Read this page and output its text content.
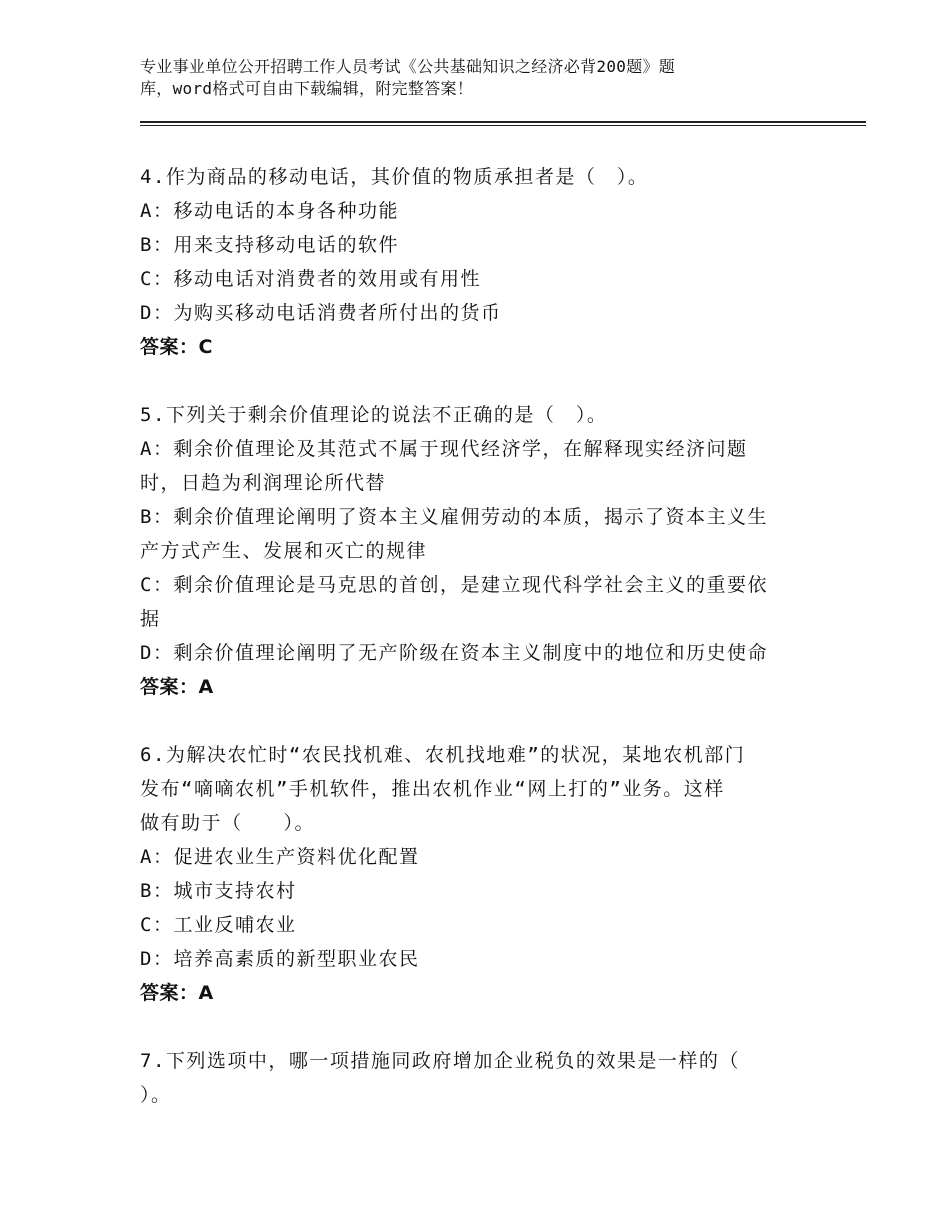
专业事业单位公开招聘工作人员考试《公共基础知识之经济必背200题》题
库，word格式可自由下载编辑，附完整答案！
4.作为商品的移动电话，其价值的物质承担者是（　）。
A：移动电话的本身各种功能
B：用来支持移动电话的软件
C：移动电话对消费者的效用或有用性
D：为购买移动电话消费者所付出的货币
答案：C
5.下列关于剩余价值理论的说法不正确的是（　）。
A：剩余价值理论及其范式不属于现代经济学，在解释现实经济问题
时，日趋为利润理论所代替
B：剩余价值理论阐明了资本主义雇佣劳动的本质，揭示了资本主义生
产方式产生、发展和灭亡的规律
C：剩余价值理论是马克思的首创，是建立现代科学社会主义的重要依
据
D：剩余价值理论阐明了无产阶级在资本主义制度中的地位和历史使命
答案：A
6.为解决农忙时“农民找机难、农机找地难”的状况，某地农机部门
发布“嘀嘀农机”手机软件，推出农机作业“网上打的”业务。这样
做有助于（　　）。
A：促进农业生产资料优化配置
B：城市支持农村
C：工业反哺农业
D：培养高素质的新型职业农民
答案：A
7.下列选项中，哪一项措施同政府增加企业税负的效果是一样的（
）。
